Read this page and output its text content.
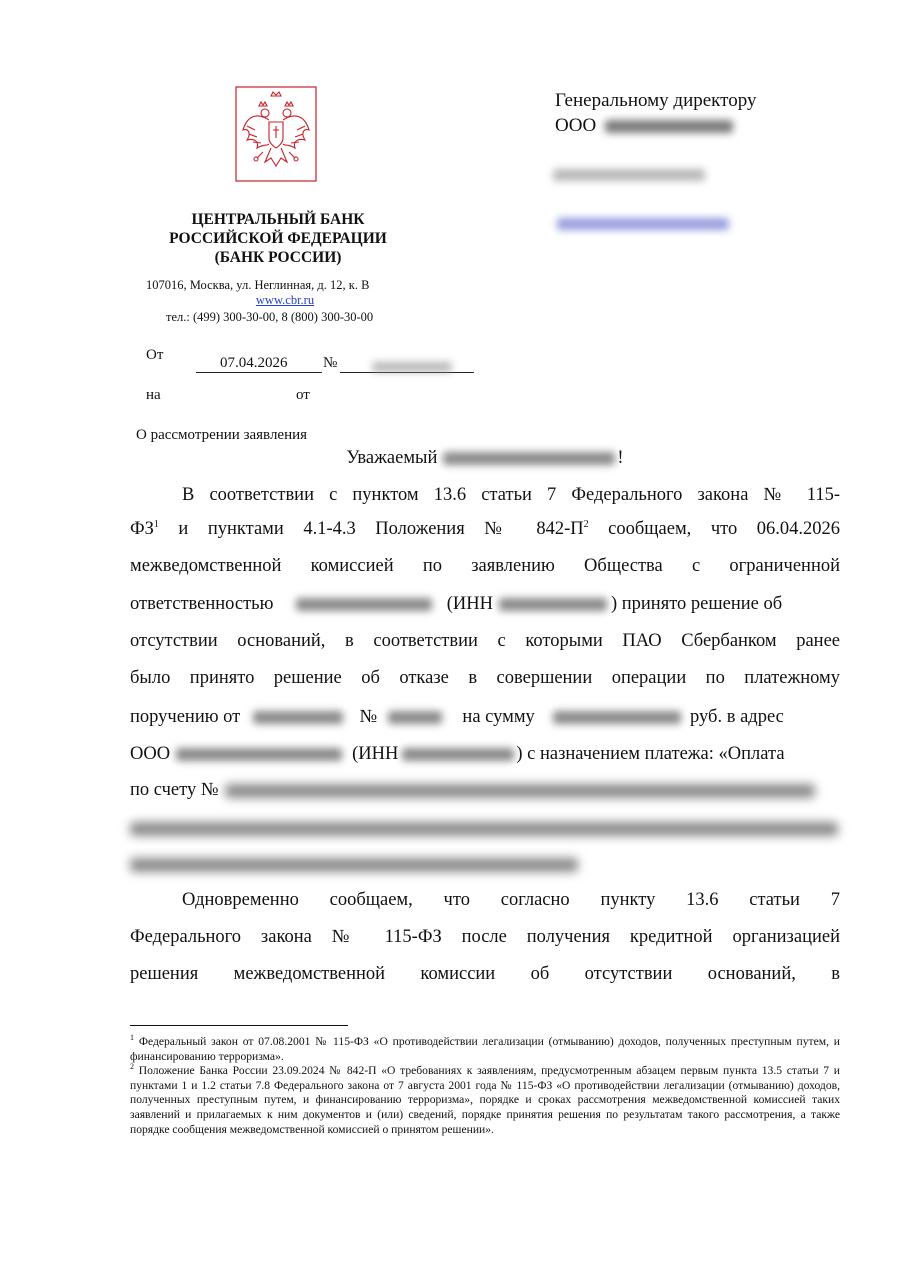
ЦЕНТРАЛЬНЫЙ БАНК
РОССИЙСКОЙ ФЕДЕРАЦИИ
(БАНК РОССИИ)
107016, Москва, ул. Неглинная, д. 12, к. В
www.cbr.ru
тел.: (499) 300-30-00, 8 (800) 300-30-00
Генеральному директору
ООО
От	07.04.2026 №
на	от
О рассмотрении заявления
Уважаемый	!
В соответствии с пунктом 13.6 статьи 7 Федерального закона № 115-
$ФЗ^1$ и пунктами 4.1-4.3 Положения № $842-П^2$ сообщаем, что 06.04.2026
межведомственной комиссией по заявлению Общества с ограниченной
ответственностью	(ИНН	) принято решение об
отсутствии оснований, в соответствии с которыми ПАО Сбербанком ранее
было принято решение об отказе в совершении операции по платежному
поручению от	№	на сумму	руб. в адрес
ООО	(ИНН	) с назначением платежа: «Оплата
по счету №
Одновременно сообщаем, что согласно пункту 13.6 статьи 7
Федерального закона № 115-ФЗ после получения кредитной организацией
решения межведомственной комиссии об отсутствии оснований, в

$^1$ Федеральный закон от 07.08.2001 № 115-ФЗ «О противодействии легализации (отмыванию) доходов, полученных преступным путем, и финансированию терроризма».

$^2$ Положение Банка России 23.09.2024 № 842-П «О требованиях к заявлениям, предусмотренным абзацем первым пункта 13.5 статьи 7 и пунктами 1 и 1.2 статьи 7.8 Федерального закона от 7 августа 2001 года № 115-ФЗ «О противодействии легализации (отмыванию) доходов, полученных преступным путем, и финансированию терроризма», порядке и сроках рассмотрения межведомственной комиссией таких заявлений и прилагаемых к ним документов и (или) сведений, порядке принятия решения по результатам такого рассмотрения, а также порядке сообщения межведомственной комиссией о принятом решении».
